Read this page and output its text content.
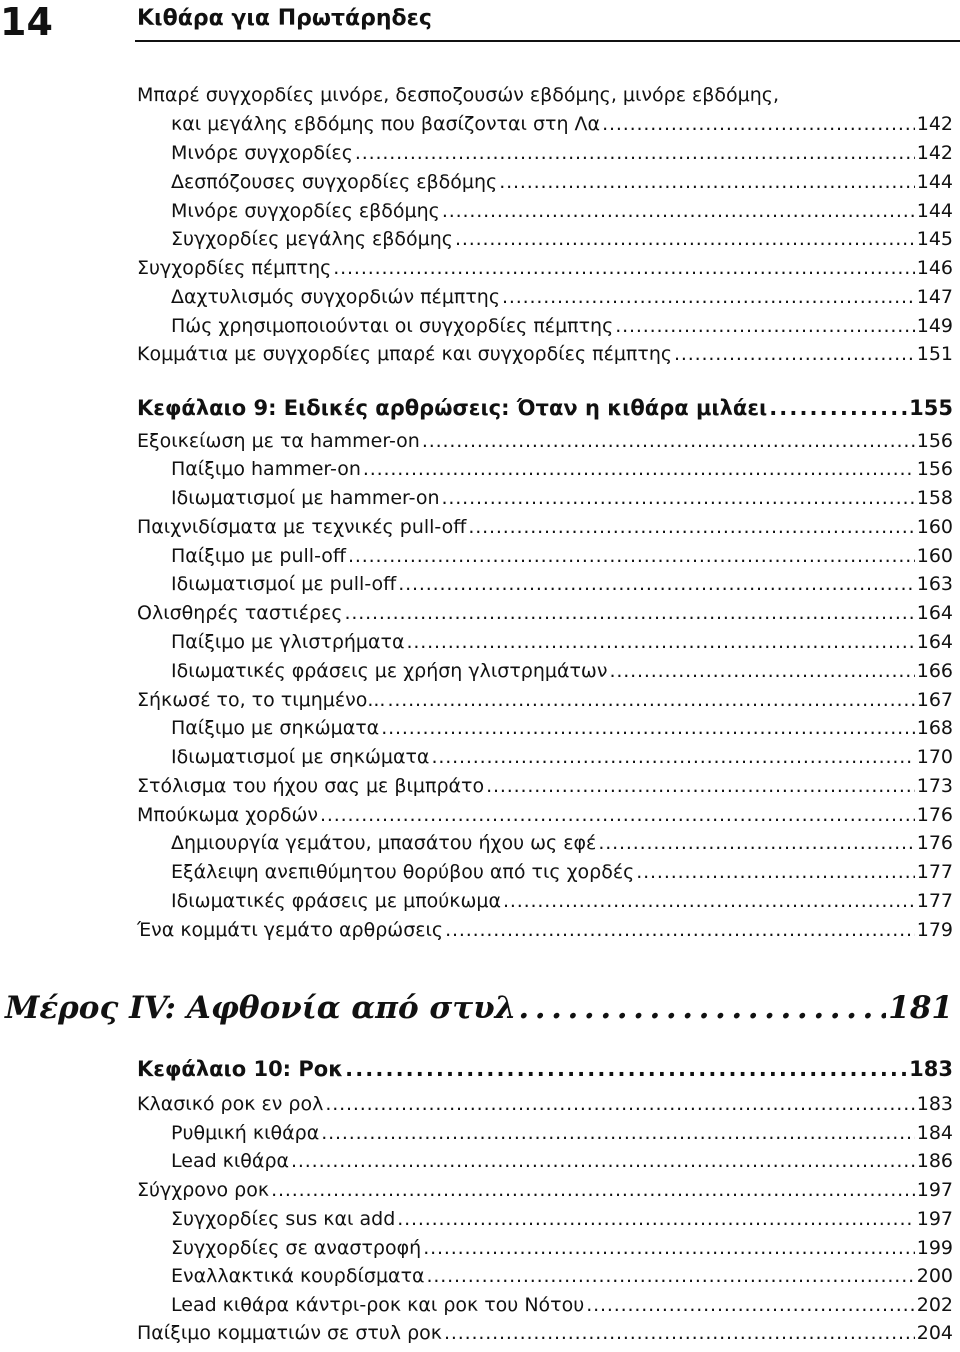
14	Κιθάρα για Πρωτάρηδες
Μπαρέ συγχορδίες μινόρε, δεσποζουσών εβδόμης, μινόρε εβδόμης,
και μεγάλης εβδόμης που βασίζονται στη Λα . . .	142
Μινόρε συγχορδίες . . .	142
Δεσπόζουσες συγχορδίες εβδόμης . . .	144
Μινόρε συγχορδίες εβδόμης . . .	144
Συγχορδίες μεγάλης εβδόμης . . .	145
Συγχορδίες πέμπτης . . .	146
Δαχτυλισμός συγχορδιών πέμπτης . . .	147
Πώς χρησιμοποιούνται οι συγχορδίες πέμπτης . . .	149
Κομμάτια με συγχορδίες μπαρέ και συγχορδίες πέμπτης . . .	151
Κεφάλαιο 9: Ειδικές αρθρώσεις: Όταν η κιθάρα μιλάει . . .	155
Εξοικείωση με τα hammer-on . . .	156
Παίξιμο hammer-on . . .	156
Ιδιωματισμοί με hammer-on . . .	158
Παιχνιδίσματα με τεχνικές pull-off . . .	160
Παίξιμο με pull-off . . .	160
Ιδιωματισμοί με pull-off . . .	163
Ολισθηρές ταστιέρες . . .	164
Παίξιμο με γλιστρήματα . . .	164
Ιδιωματικές φράσεις με χρήση γλιστρημάτων . . .	166
Σήκωσέ το, το τιμημένο... . . .	167
Παίξιμο με σηκώματα . . .	168
Ιδιωματισμοί με σηκώματα . . .	170
Στόλισμα του ήχου σας με βιμπράτο . . .	173
Μπούκωμα χορδών . . .	176
Δημιουργία γεμάτου, μπασάτου ήχου ως εφέ . . .	176
Εξάλειψη ανεπιθύμητου θορύβου από τις χορδές . . .	177
Ιδιωματικές φράσεις με μπούκωμα . . .	177
Ένα κομμάτι γεμάτο αρθρώσεις . . .	179
Μέρος IV: Αφθονία από στυλ . . .	181
Κεφάλαιο 10: Ροκ . . .	183
Κλασικό ροκ εν ρολ . . .	183
Ρυθμική κιθάρα . . .	184
Lead κιθάρα . . .	186
Σύγχρονο ροκ . . .	197
Συγχορδίες sus και add . . .	197
Συγχορδίες σε αναστροφή . . .	199
Εναλλακτικά κουρδίσματα . . .	200
Lead κιθάρα κάντρι-ροκ και ροκ του Νότου . . .	202
Παίξιμο κομματιών σε στυλ ροκ . . .	204
